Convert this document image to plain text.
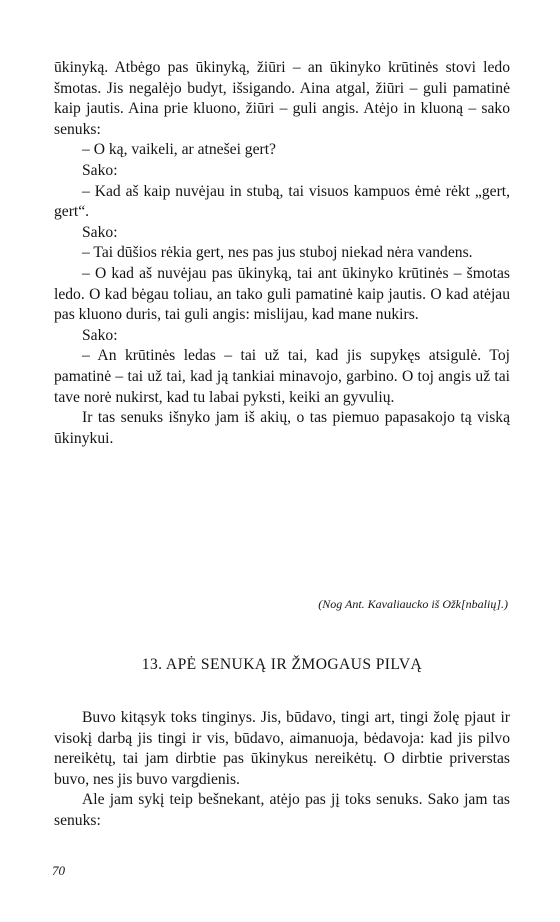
ūkinyką. Atbėgo pas ūkinyką, žiūri – an ūkinyko krūtinės stovi ledo šmotas. Jis negalėjo budyt, išsigando. Aina atgal, žiūri – guli pamatinė kaip jautis. Aina prie kluono, žiūri – guli angis. Atėjo in kluoną – sako senuks:

– O ką, vaikeli, ar atnešei gert?

Sako:

– Kad aš kaip nuvėjau in stubą, tai visuos kampuos ėmė rėkt „gert, gert“.

Sako:

– Tai dūšios rėkia gert, nes pas jus stuboj niekad nėra vandens.

– O kad aš nuvėjau pas ūkinyką, tai ant ūkinyko krūtinės – šmotas ledo. O kad bėgau toliau, an tako guli pamatinė kaip jautis. O kad atėjau pas kluono duris, tai guli angis: mislijau, kad mane nukirs.

Sako:

– An krūtinės ledas – tai už tai, kad jis supykęs atsigulė. Toj pamatinė – tai už tai, kad ją tankiai minavojo, garbino. O toj angis už tai tave norė nukirst, kad tu labai pyksti, keiki an gyvulių.

Ir tas senuks išnyko jam iš akių, o tas piemuo papasakojo tą viską ūkinykui.

(Nog Ant. Kavaliaucko iš Ožk[nbalių].)
13. APĖ SENUKĄ IR ŽMOGAUS PILVĄ

Buvo kitąsyk toks tinginys. Jis, būdavo, tingi art, tingi žolę pjaut ir visokį darbą jis tingi ir vis, būdavo, aimanuoja, bėdavoja: kad jis pilvo nereikėtų, tai jam dirbtie pas ūkinykus nereikėtų. O dirbtie priverstas buvo, nes jis buvo vargdienis.

Ale jam sykį teip bešnekant, atėjo pas jį toks senuks. Sako jam tas senuks:

70
